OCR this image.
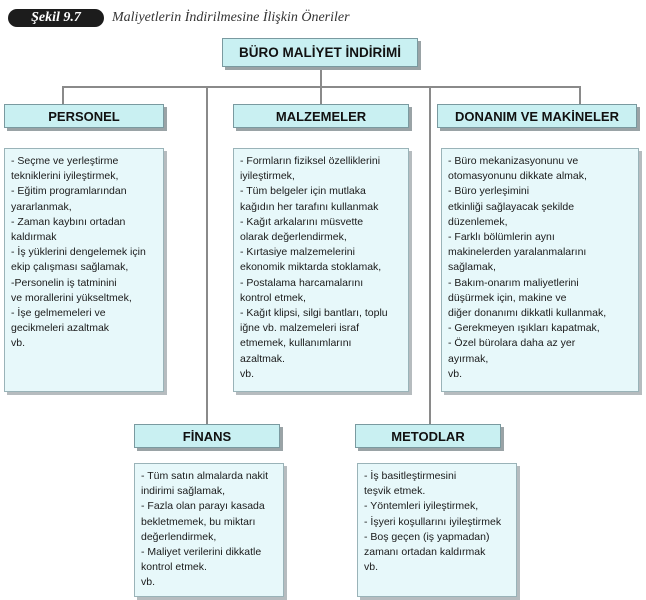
Şekil 9.7	Maliyetlerin İndirilmesine İlişkin Öneriler
BÜRO MALİYET İNDİRİMİ
PERSONEL
- Seçme ve yerleştirme
tekniklerini iyileştirmek,
- Eğitim programlarından
yararlanmak,
- Zaman kaybını ortadan
kaldırmak
- İş yüklerini dengelemek için
ekip çalışması sağlamak,
-Personelin iş tatminini
ve morallerini yükseltmek,
- İşe gelmemeleri ve
gecikmeleri azaltmak
vb.
MALZEMELER
- Formların fiziksel özelliklerini
iyileştirmek,
- Tüm belgeler için mutlaka
kağıdın her tarafını kullanmak
- Kağıt arkalarını müsvette
olarak değerlendirmek,
- Kırtasiye malzemelerini
ekonomik miktarda stoklamak,
- Postalama harcamalarını
kontrol etmek,
- Kağıt klipsi, silgi bantları, toplu
iğne vb. malzemeleri israf
etmemek, kullanımlarını
azaltmak.
vb.
DONANIM VE MAKİNELER
- Büro mekanizasyonunu ve
otomasyonunu dikkate almak,
- Büro yerleşimini
etkinliği sağlayacak şekilde
düzenlemek,
- Farklı bölümlerin aynı
makinelerden yaralanmalarını
sağlamak,
- Bakım-onarım maliyetlerini
düşürmek için, makine ve
diğer donanımı dikkatli kullanmak,
- Gerekmeyen ışıkları kapatmak,
- Özel bürolara daha az yer
ayırmak,
vb.
FİNANS
- Tüm satın almalarda nakit
indirimi sağlamak,
- Fazla olan parayı kasada
bekletmemek, bu miktarı
değerlendirmek,
- Maliyet verilerini dikkatle
kontrol etmek.
vb.
METODLAR
- İş basitleştirmesini
teşvik etmek.
- Yöntemleri iyileştirmek,
- İşyeri koşullarını iyileştirmek
- Boş geçen (iş yapmadan)
zamanı ortadan kaldırmak
vb.
